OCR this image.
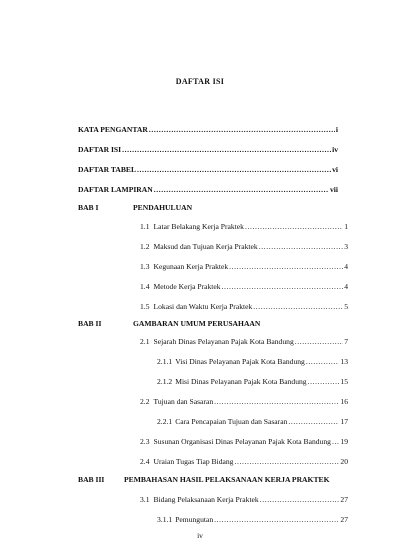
DAFTAR ISI
KATA PENGANTAR .....	i
DAFTAR ISI .....	iv
DAFTAR TABEL .....	vi
DAFTAR LAMPIRAN .....	vii
BAB I	PENDAHULUAN
1.1 Latar Belakang Kerja Praktek .....	1
1.2 Maksud dan Tujuan Kerja Praktek .....	3
1.3 Kegunaan Kerja Praktek .....	4
1.4 Metode Kerja Praktek .....	4
1.5 Lokasi dan Waktu Kerja Praktek .....	5
BAB II	GAMBARAN UMUM PERUSAHAAN
2.1 Sejarah Dinas Pelayanan Pajak Kota Bandung .....	7
2.1.1 Visi Dinas Pelayanan Pajak Kota Bandung .....	13
2.1.2 Misi Dinas Pelayanan Pajak Kota Bandung .....	15
2.2 Tujuan dan Sasaran .....	16
2.2.1 Cara Pencapaian Tujuan dan Sasaran .....	17
2.3 Susunan Organisasi Dinas Pelayanan Pajak Kota Bandung ..... 19
2.4 Uraian Tugas Tiap Bidang .....	20
BAB III	PEMBAHASAN HASIL PELAKSANAAN KERJA PRAKTEK
3.1 Bidang Pelaksanaan Kerja Praktek .....	27
3.1.1 Pemungutan .....	27
iv
